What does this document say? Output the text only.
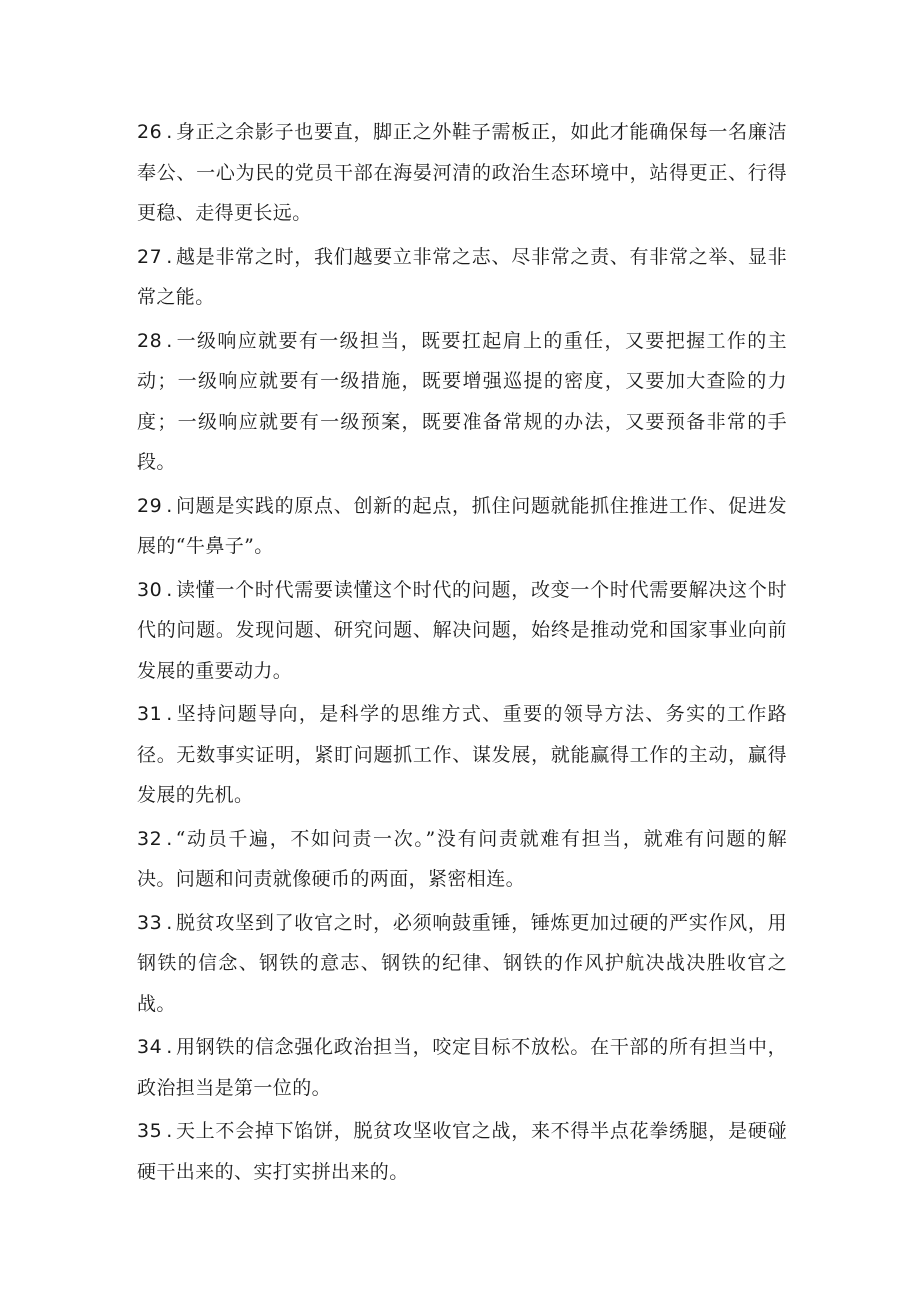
26 . 身正之余影子也要直，脚正之外鞋子需板正，如此才能确保每一名廉洁奉公、一心为民的党员干部在海晏河清的政治生态环境中，站得更正、行得更稳、走得更长远。

27 . 越是非常之时，我们越要立非常之志、尽非常之责、有非常之举、显非常之能。

28 . 一级响应就要有一级担当，既要扛起肩上的重任，又要把握工作的主动；一级响应就要有一级措施，既要增强巡提的密度，又要加大查险的力度；一级响应就要有一级预案，既要准备常规的办法，又要预备非常的手段。

29 . 问题是实践的原点、创新的起点，抓住问题就能抓住推进工作、促进发展的“牛鼻子”。

30 . 读懂一个时代需要读懂这个时代的问题，改变一个时代需要解决这个时代的问题。发现问题、研究问题、解决问题，始终是推动党和国家事业向前发展的重要动力。

31 . 坚持问题导向，是科学的思维方式、重要的领导方法、务实的工作路径。无数事实证明，紧盯问题抓工作、谋发展，就能赢得工作的主动，赢得发展的先机。

32 . “动员千遍，不如问责一次。”没有问责就难有担当，就难有问题的解决。问题和问责就像硬币的两面，紧密相连。

33 . 脱贫攻坚到了收官之时，必须响鼓重锤，锤炼更加过硬的严实作风，用钢铁的信念、钢铁的意志、钢铁的纪律、钢铁的作风护航决战决胜收官之战。

34 . 用钢铁的信念强化政治担当，咬定目标不放松。在干部的所有担当中，政治担当是第一位的。

35 . 天上不会掉下馅饼，脱贫攻坚收官之战，来不得半点花拳绣腿，是硬碰硬干出来的、实打实拼出来的。
